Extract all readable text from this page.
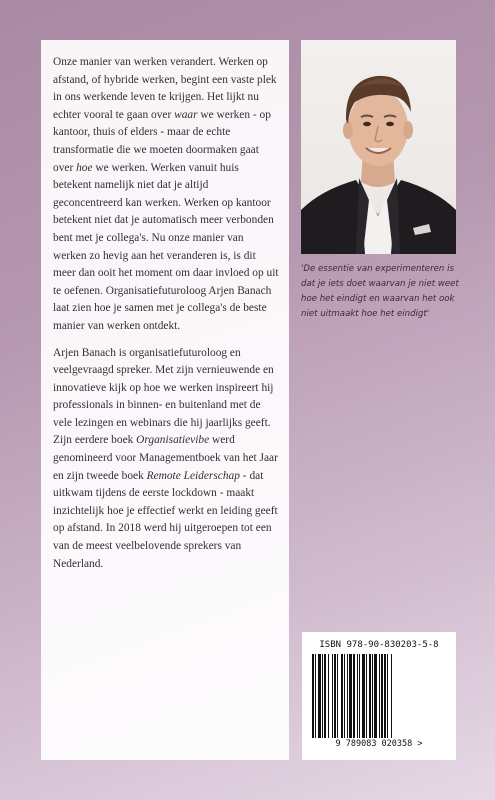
Onze manier van werken verandert. Werken op afstand, of hybride werken, begint een vaste plek in ons werkende leven te krijgen. Het lijkt nu echter vooral te gaan over waar we werken - op kantoor, thuis of elders - maar de echte transformatie die we moeten doormaken gaat over hoe we werken. Werken vanuit huis betekent namelijk niet dat je altijd geconcentreerd kan werken. Werken op kantoor betekent niet dat je automatisch meer verbonden bent met je collega's. Nu onze manier van werken zo hevig aan het veranderen is, is dit meer dan ooit het moment om daar invloed op uit te oefenen. Organisatiefuturoloog Arjen Banach laat zien hoe je samen met je collega's de beste manier van werken ontdekt.

Arjen Banach is organisatiefuturoloog en veelgevraagd spreker. Met zijn vernieuwende en innovatieve kijk op hoe we werken inspireert hij professionals in binnen- en buitenland met de vele lezingen en webinars die hij jaarlijks geeft. Zijn eerdere boek Organisatievibe werd genomineerd voor Managementboek van het Jaar en zijn tweede boek Remote Leiderschap - dat uitkwam tijdens de eerste lockdown - maakt inzichtelijk hoe je effectief werkt en leiding geeft op afstand. In 2018 werd hij uitgeroepen tot een van de meest veelbelovende sprekers van Nederland.

'De essentie van experimenteren is dat je iets doet waarvan je niet weet hoe het eindigt en waarvan het ook niet uitmaakt hoe het eindigt'
ISBN 978-90-830203-5-8
9 789083 020358 >
